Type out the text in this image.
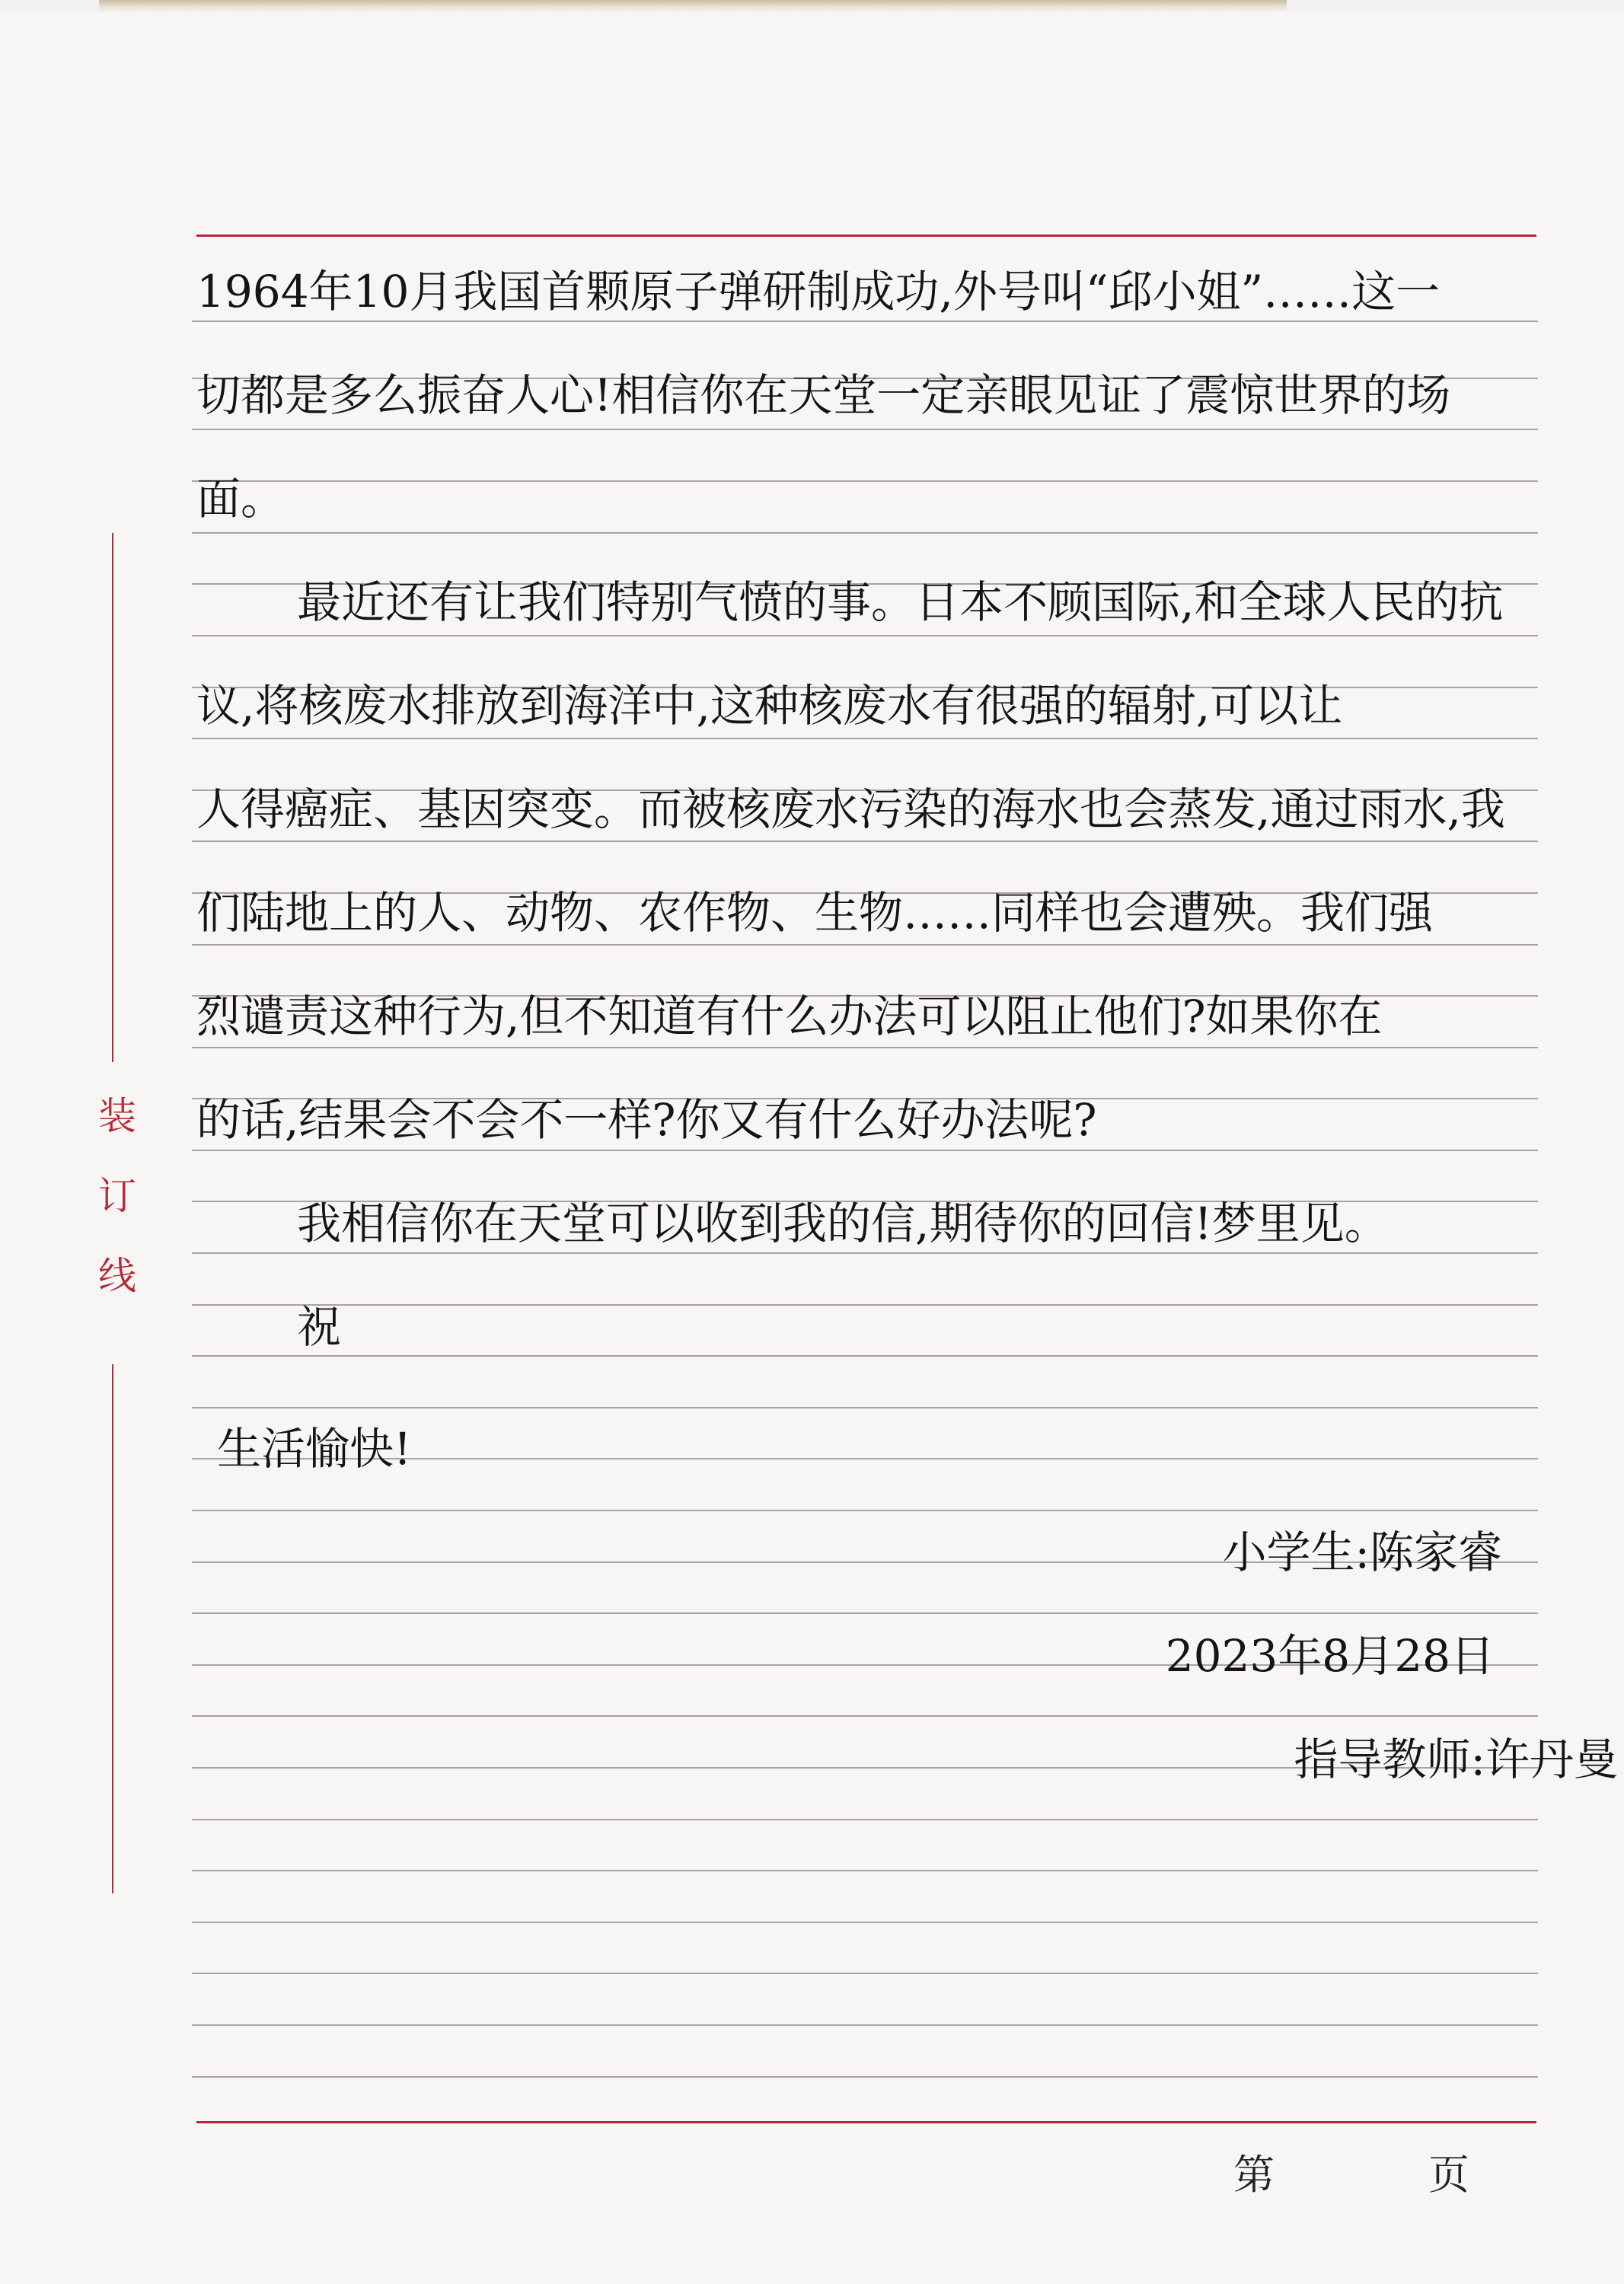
装
订
线
1964年10月我国首颗原子弹研制成功,外号叫“邱小姐”……这一
切都是多么振奋人心!相信你在天堂一定亲眼见证了震惊世界的场
面。
最近还有让我们特别气愤的事。日本不顾国际,和全球人民的抗
议,将核废水排放到海洋中,这种核废水有很强的辐射,可以让
人得癌症、基因突变。而被核废水污染的海水也会蒸发,通过雨水,我
们陆地上的人、动物、农作物、生物……同样也会遭殃。我们强
烈谴责这种行为,但不知道有什么办法可以阻止他们?如果你在
的话,结果会不会不一样?你又有什么好办法呢?
我相信你在天堂可以收到我的信,期待你的回信!梦里见。
祝
生活愉快!
小学生:陈家睿
2023年8月28日
指导教师:许丹曼
第	页
